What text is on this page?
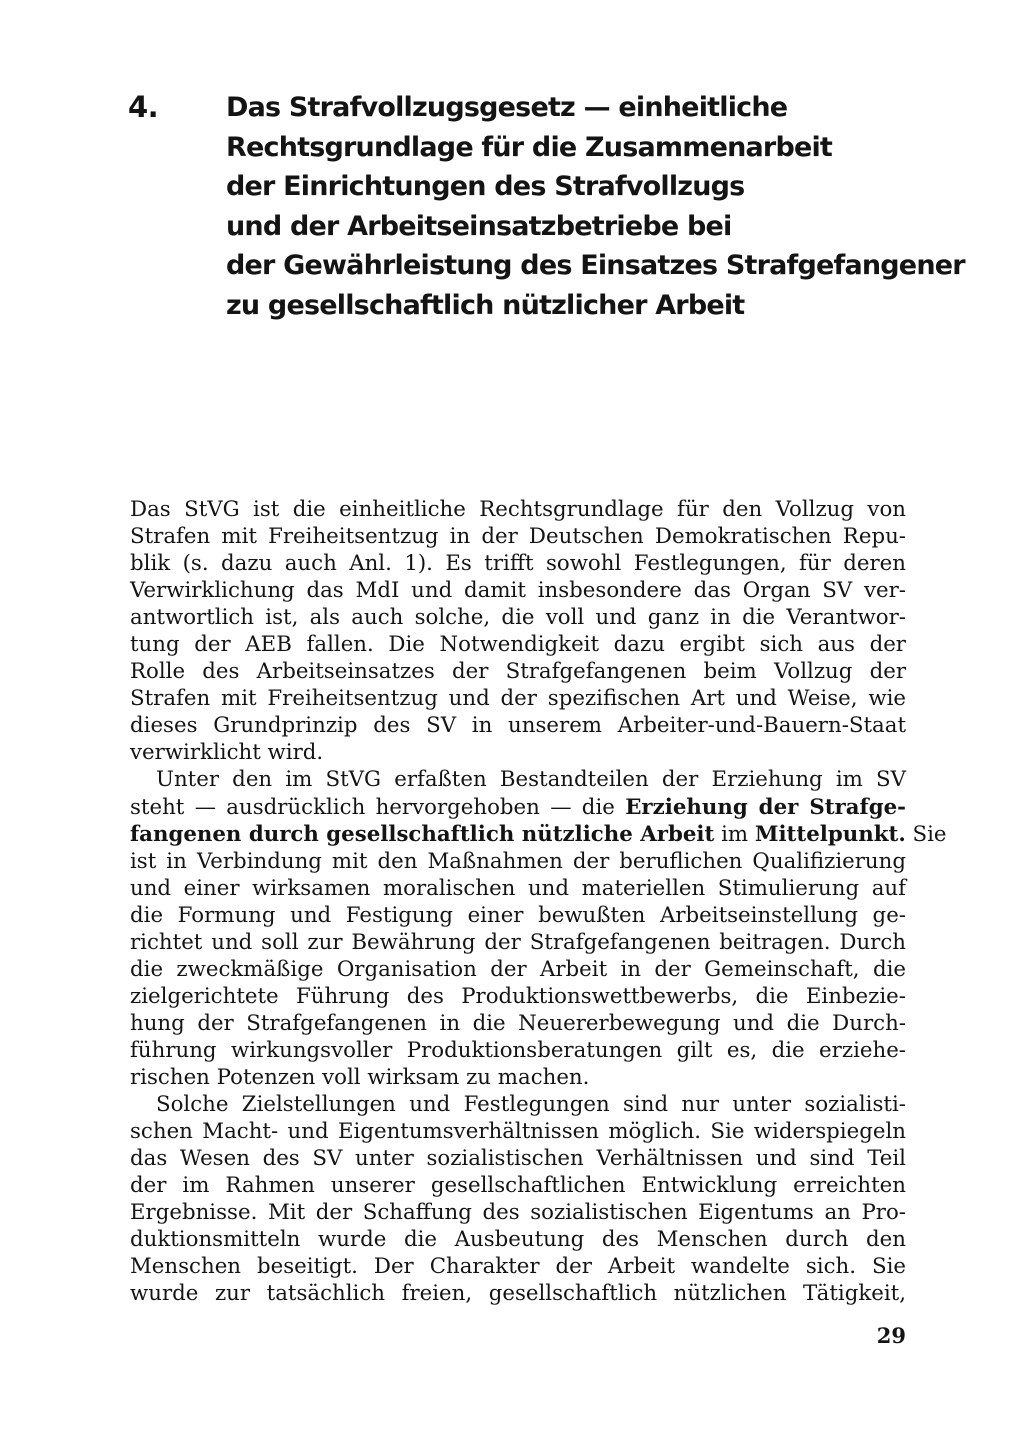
4.	Das Strafvollzugsgesetz — einheitliche
Rechtsgrundlage für die Zusammenarbeit
der Einrichtungen des Strafvollzugs
und der Arbeitseinsatzbetriebe bei
der Gewährleistung des Einsatzes Strafgefangener
zu gesellschaftlich nützlicher Arbeit
Das StVG ist die einheitliche Rechtsgrundlage für den Vollzug von
Strafen mit Freiheitsentzug in der Deutschen Demokratischen Repu-
blik (s. dazu auch Anl. 1). Es trifft sowohl Festlegungen, für deren
Verwirklichung das MdI und damit insbesondere das Organ SV ver-
antwortlich ist, als auch solche, die voll und ganz in die Verantwor-
tung der AEB fallen. Die Notwendigkeit dazu ergibt sich aus der
Rolle des Arbeitseinsatzes der Strafgefangenen beim Vollzug der
Strafen mit Freiheitsentzug und der spezifischen Art und Weise, wie
dieses Grundprinzip des SV in unserem Arbeiter-und-Bauern-Staat
verwirklicht wird.
Unter den im StVG erfaßten Bestandteilen der Erziehung im SV
steht — ausdrücklich hervorgehoben — die Erziehung der Strafge-
fangenen durch gesellschaftlich nützliche Arbeit im Mittelpunkt. Sie
ist in Verbindung mit den Maßnahmen der beruflichen Qualifizierung
und einer wirksamen moralischen und materiellen Stimulierung auf
die Formung und Festigung einer bewußten Arbeitseinstellung ge-
richtet und soll zur Bewährung der Strafgefangenen beitragen. Durch
die zweckmäßige Organisation der Arbeit in der Gemeinschaft, die
zielgerichtete Führung des Produktionswettbewerbs, die Einbezie-
hung der Strafgefangenen in die Neuererbewegung und die Durch-
führung wirkungsvoller Produktionsberatungen gilt es, die erziehe-
rischen Potenzen voll wirksam zu machen.
Solche Zielstellungen und Festlegungen sind nur unter sozialisti-
schen Macht- und Eigentumsverhältnissen möglich. Sie widerspiegeln
das Wesen des SV unter sozialistischen Verhältnissen und sind Teil
der im Rahmen unserer gesellschaftlichen Entwicklung erreichten
Ergebnisse. Mit der Schaffung des sozialistischen Eigentums an Pro-
duktionsmitteln wurde die Ausbeutung des Menschen durch den
Menschen beseitigt. Der Charakter der Arbeit wandelte sich. Sie
wurde zur tatsächlich freien, gesellschaftlich nützlichen Tätigkeit,
29
